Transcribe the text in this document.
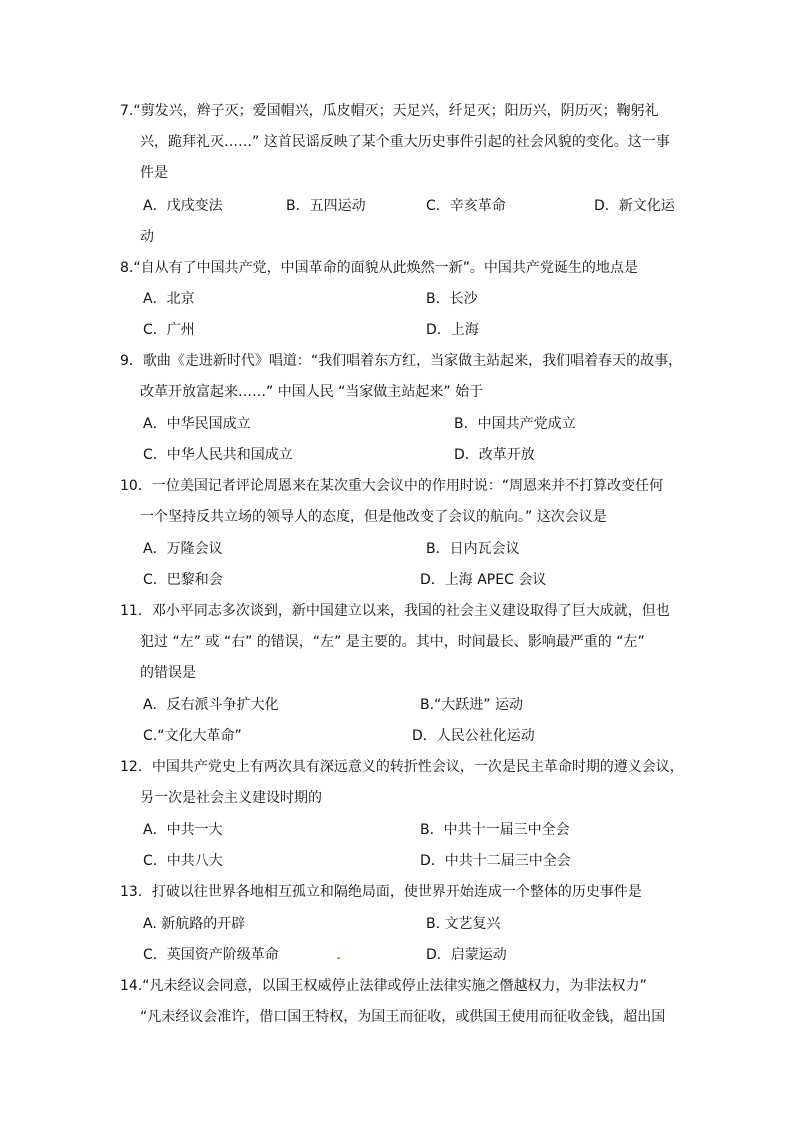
7.“剪发兴，辫子灭；爱国帽兴，瓜皮帽灭；天足兴，纤足灭；阳历兴，阴历灭；鞠躬礼
兴，跪拜礼灭……” 这首民谣反映了某个重大历史事件引起的社会风貌的变化。这一事
件是
A．戊戌变法	B．五四运动	C．辛亥革命	D．新文化运
动
8.“自从有了中国共产党，中国革命的面貌从此焕然一新”。中国共产党诞生的地点是
A．北京	B．长沙
C．广州	D．上海
9．歌曲《走进新时代》唱道：“我们唱着东方红，当家做主站起来，我们唱着春天的故事，
改革开放富起来……” 中国人民 “当家做主站起来” 始于
A．中华民国成立	B．中国共产党成立
C．中华人民共和国成立	D．改革开放
10．一位美国记者评论周恩来在某次重大会议中的作用时说：“周恩来并不打算改变任何
一个坚持反共立场的领导人的态度，但是他改变了会议的航向。” 这次会议是
A．万隆会议	B．日内瓦会议
C．巴黎和会	D．上海 APEC 会议
11．邓小平同志多次谈到，新中国建立以来，我国的社会主义建设取得了巨大成就，但也
犯过 “左” 或 “右” 的错误，“左” 是主要的。其中，时间最长、影响最严重的 “左”
的错误是
A．反右派斗争扩大化	B.“大跃进” 运动
C.“文化大革命”	D．人民公社化运动
12．中国共产党史上有两次具有深远意义的转折性会议，一次是民主革命时期的遵义会议，
另一次是社会主义建设时期的
A．中共一大	B．中共十一届三中全会
C．中共八大	D．中共十二届三中全会
13．打破以往世界各地相互孤立和隔绝局面，使世界开始连成一个整体的历史事件是
A. 新航路的开辟	B. 文艺复兴
C．英国资产阶级革命	D．启蒙运动
14.“凡未经议会同意，以国王权威停止法律或停止法律实施之僭越权力，为非法权力”
“凡未经议会准许，借口国王特权，为国王而征收，或供国王使用而征收金钱，超出国
